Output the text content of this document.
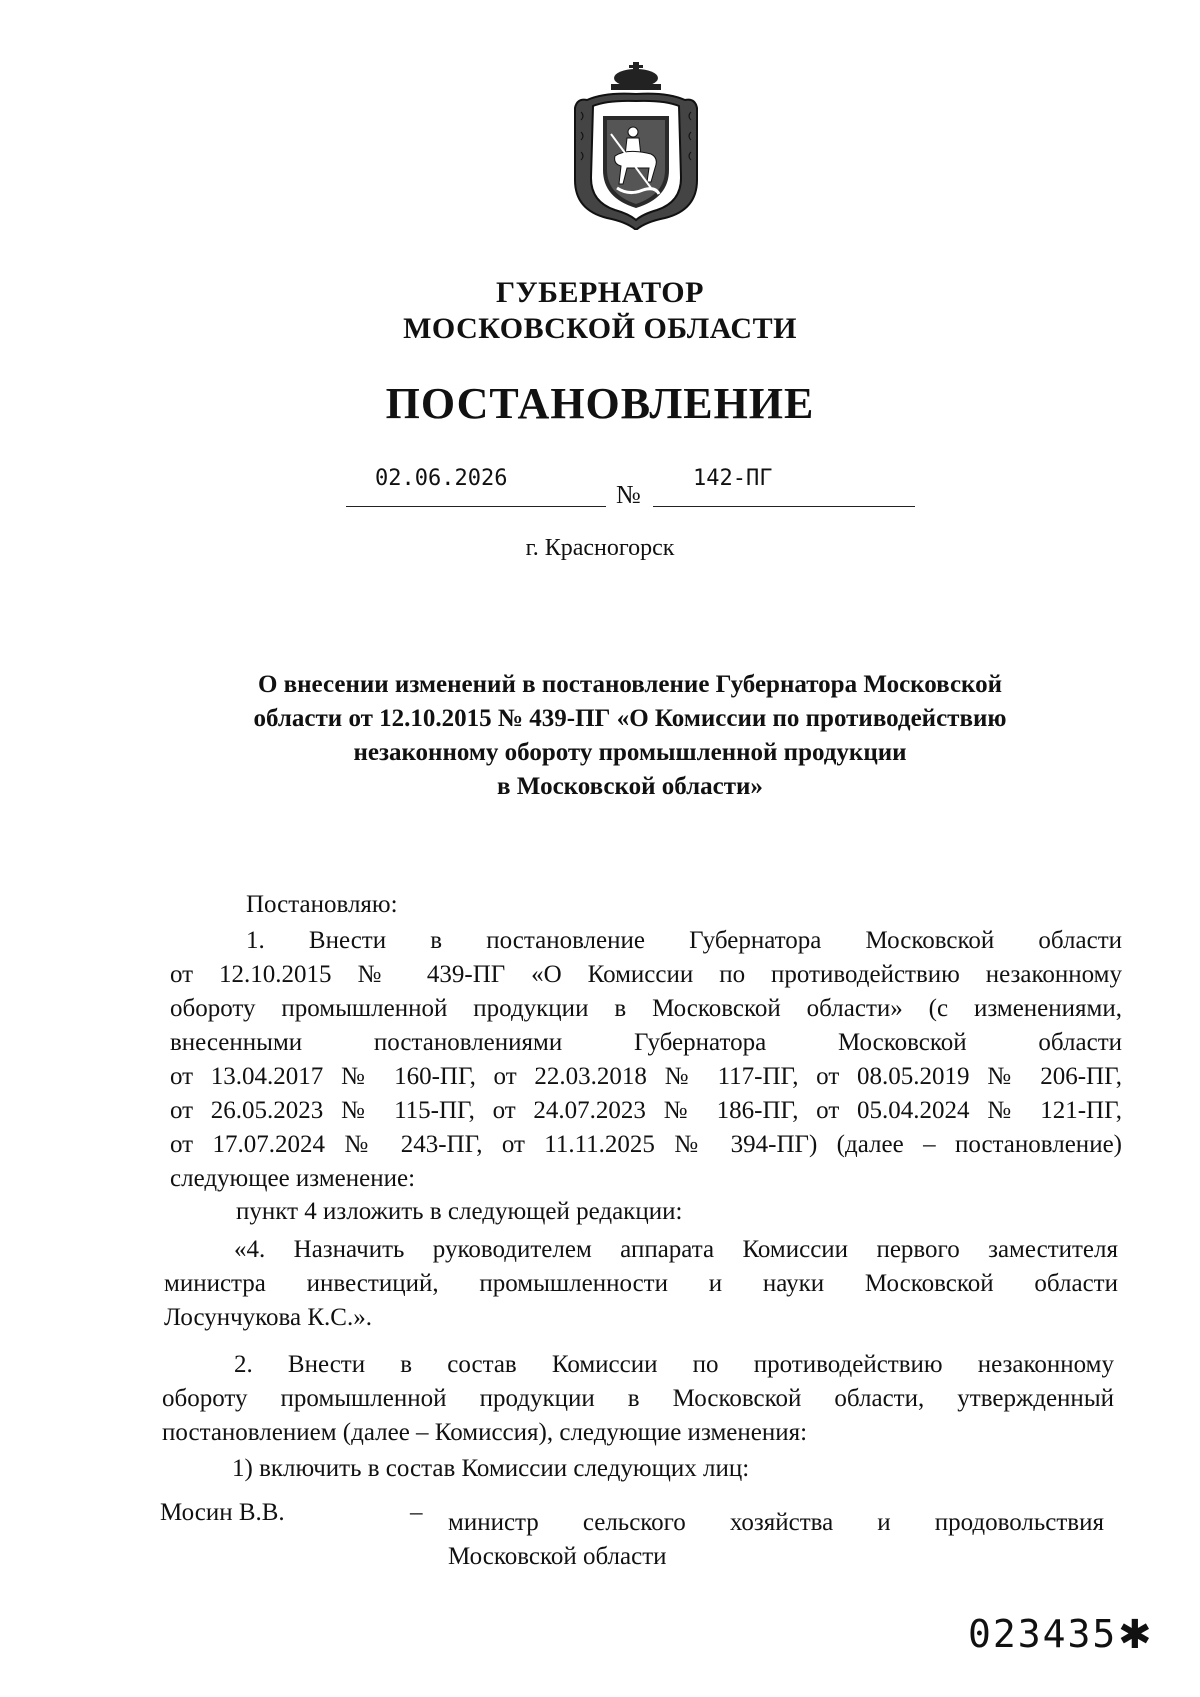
ГУБЕРНАТОР
МОСКОВСКОЙ ОБЛАСТИ
ПОСТАНОВЛЕНИЕ
02.06.2026
№
142-ПГ
г. Красногорск
О внесении изменений в постановление Губернатора Московской
области от 12.10.2015 № 439-ПГ «О Комиссии по противодействию
незаконному обороту промышленной продукции
в Московской области»
Постановляю:
1. Внести в постановление Губернатора Московской области
от 12.10.2015 № 439-ПГ «О Комиссии по противодействию незаконному
обороту промышленной продукции в Московской области» (с изменениями,
внесенными постановлениями Губернатора Московской области
от 13.04.2017 № 160-ПГ, от 22.03.2018 № 117-ПГ, от 08.05.2019 № 206-ПГ,
от 26.05.2023 № 115-ПГ, от 24.07.2023 № 186-ПГ, от 05.04.2024 № 121-ПГ,
от 17.07.2024 № 243-ПГ, от 11.11.2025 № 394-ПГ) (далее – постановление)
следующее изменение:
пункт 4 изложить в следующей редакции:
«4. Назначить руководителем аппарата Комиссии первого заместителя
министра инвестиций, промышленности и науки Московской области
Лосунчукова К.С.».
2. Внести в состав Комиссии по противодействию незаконному
обороту промышленной продукции в Московской области, утвержденный
постановлением (далее – Комиссия), следующие изменения:
1) включить в состав Комиссии следующих лиц:
Мосин В.В.	– министр сельского хозяйства и продовольствия
Московской области
023435 ✱
